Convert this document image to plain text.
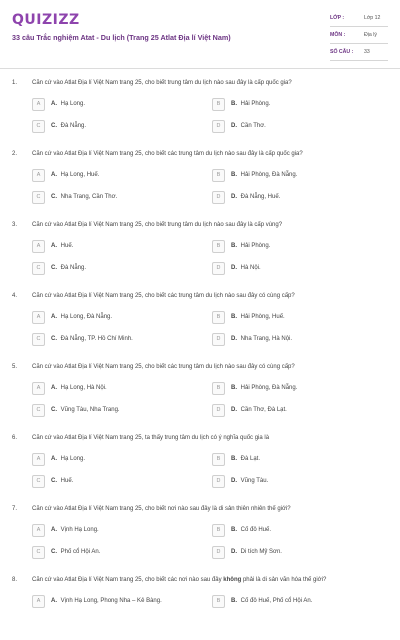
QUIZIZZ
33 câu Trắc nghiệm Atat - Du lịch (Trang 25 Atlat Địa lí Việt Nam)
LỚP :	Lớp 12
MÔN :	Địa lý
SỐ CÂU : 33
1. Căn cứ vào Atlat Địa lí Việt Nam trang 25, cho biết trung tâm du lịch nào sau đây là cấp quốc gia?
A	A. Hạ Long.	B	B. Hải Phòng.
C	C. Đà Nẵng.	D	D. Cần Thơ.
2. Căn cứ vào Atlat Địa lí Việt Nam trang 25, cho biết các trung tâm du lịch nào sau đây là cấp quốc gia?
A	A. Hạ Long, Huế.	B	B. Hải Phòng, Đà Nẵng.
C	C. Nha Trang, Cần Thơ.	D	D. Đà Nẵng, Huế.
3. Căn cứ vào Atlat Địa lí Việt Nam trang 25, cho biết trung tâm du lịch nào sau đây là cấp vùng?
A	A. Huế.	B	B. Hải Phòng.
C	C. Đà Nẵng.	D	D. Hà Nội.
4. Căn cứ vào Atlat Địa lí Việt Nam trang 25, cho biết các trung tâm du lịch nào sau đây có cùng cấp?
A	A. Hạ Long, Đà Nẵng.	B	B. Hải Phòng, Huế.
C	C. Đà Nẵng, TP. Hồ Chí Minh.	D	D. Nha Trang, Hà Nội.
5. Căn cứ vào Atlat Địa lí Việt Nam trang 25, cho biết các trung tâm du lịch nào sau đây có cùng cấp?
A	A. Hạ Long, Hà Nội.	B	B. Hải Phòng, Đà Nẵng.
C	C. Vũng Tàu, Nha Trang.	D	D. Cần Thơ, Đà Lạt.
6. Căn cứ vào Atlat Địa lí Việt Nam trang 25, ta thấy trung tâm du lịch có ý nghĩa quốc gia là
A	A. Hạ Long.	B	B. Đà Lạt.
C	C. Huế.	D	D. Vũng Tàu.
7. Căn cứ vào Atlat Địa lí Việt Nam trang 25, cho biết nơi nào sau đây là di sản thiên nhiên thế giới?
A	A. Vịnh Hạ Long.	B	B. Cố đô Huế.
C	C. Phố cổ Hội An.	D	D. Di tích Mỹ Sơn.
8. Căn cứ vào Atlat Địa lí Việt Nam trang 25, cho biết các nơi nào sau đây không phải là di sản văn hóa thế giới?
A	A. Vịnh Hạ Long, Phong Nha – Kẻ Bàng.	B	B. Cố đô Huế, Phố cổ Hội An.
